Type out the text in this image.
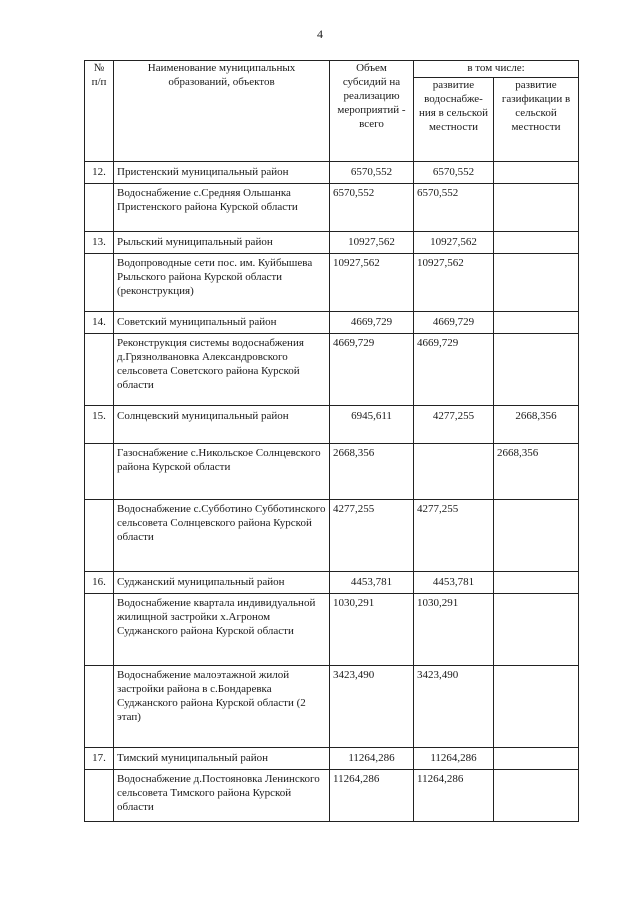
4
№ п/п	Наименование муниципальных образований, объектов	Объем субсидий на реализацию мероприятий - всего	в том числе:	
			развитие водоснабже-ния в сельской местности	развитие газификации в сельской местности
12.	Пристенский муниципальный район	6570,552	6570,552	
	Водоснабжение с.Средняя Ольшанка Пристенского района Курской области	6570,552	6570,552	
13.	Рыльский муниципальный район	10927,562	10927,562	
	Водопроводные сети пос. им. Куйбышева Рыльского района Курской области (реконструкция)	10927,562	10927,562	
14.	Советский муниципальный район	4669,729	4669,729	
	Реконструкция системы водоснабжения д.Грязнолвановка Александровского сельсовета Советского района Курской области	4669,729	4669,729	
15.	Солнцевский муниципальный район	6945,611	4277,255	2668,356
	Газоснабжение с.Никольское Солнцевского района Курской области	2668,356		2668,356
	Водоснабжение с.Субботино Субботинского сельсовета Солнцевского района Курской области	4277,255	4277,255	
16.	Суджанский муниципальный район	4453,781	4453,781	
	Водоснабжение квартала индивидуальной жилищной застройки х.Агроном Суджанского района Курской области	1030,291	1030,291	
	Водоснабжение малоэтажной жилой застройки района в с.Бондаревка Суджанского района Курской области (2 этап)	3423,490	3423,490	
17.	Тимский муниципальный район	11264,286	11264,286	
	Водоснабжение д.Постояновка Ленинского сельсовета Тимского района Курской области	11264,286	11264,286	
